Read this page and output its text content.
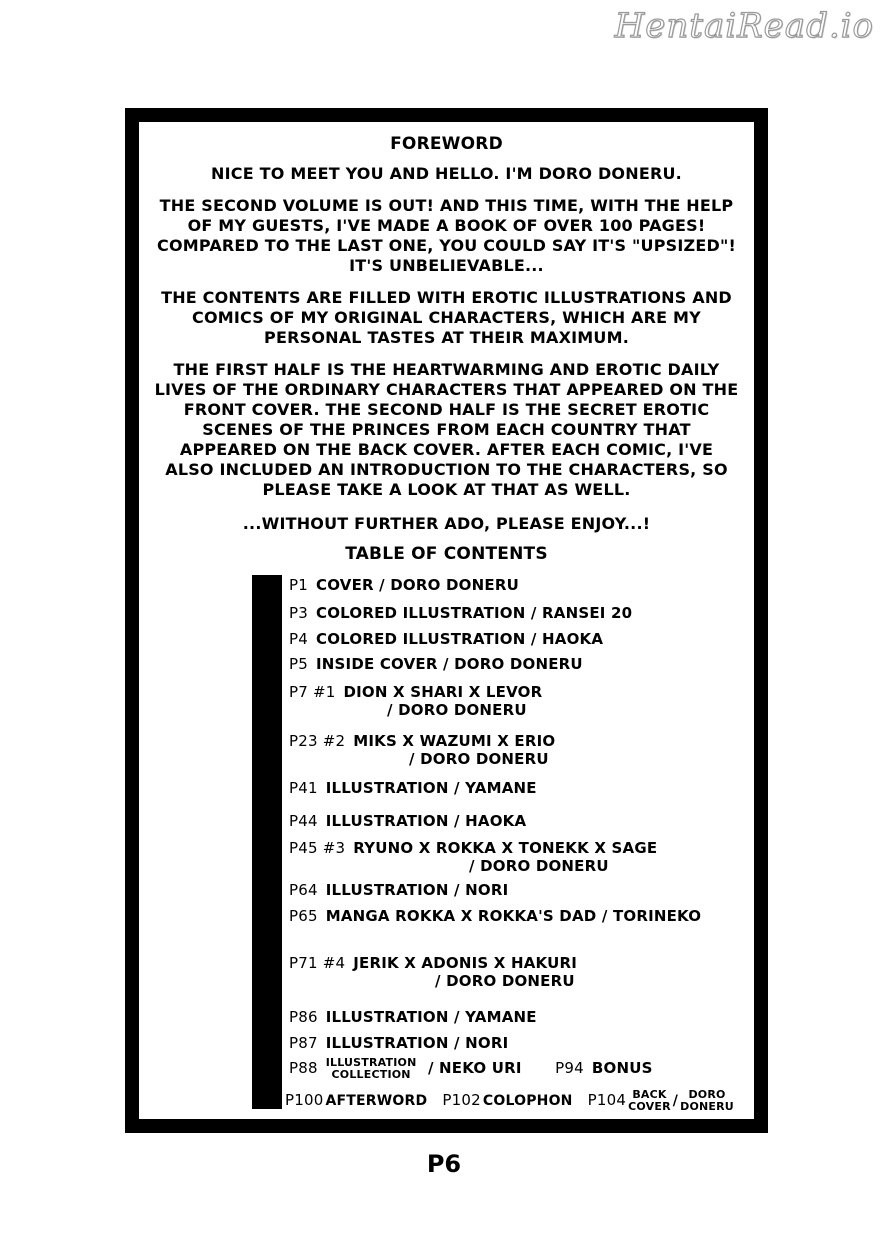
HentaiRead.io
FOREWORD
NICE TO MEET YOU AND HELLO. I'M DORO DONERU.
THE SECOND VOLUME IS OUT! AND THIS TIME, WITH THE HELP
OF MY GUESTS, I'VE MADE A BOOK OF OVER 100 PAGES!
COMPARED TO THE LAST ONE, YOU COULD SAY IT'S "UPSIZED"!
IT'S UNBELIEVABLE...
THE CONTENTS ARE FILLED WITH EROTIC ILLUSTRATIONS AND
COMICS OF MY ORIGINAL CHARACTERS, WHICH ARE MY
PERSONAL TASTES AT THEIR MAXIMUM.
THE FIRST HALF IS THE HEARTWARMING AND EROTIC DAILY
LIVES OF THE ORDINARY CHARACTERS THAT APPEARED ON THE
FRONT COVER. THE SECOND HALF IS THE SECRET EROTIC
SCENES OF THE PRINCES FROM EACH COUNTRY THAT
APPEARED ON THE BACK COVER. AFTER EACH COMIC, I'VE
ALSO INCLUDED AN INTRODUCTION TO THE CHARACTERS, SO
PLEASE TAKE A LOOK AT THAT AS WELL.
...WITHOUT FURTHER ADO, PLEASE ENJOY...!
TABLE OF CONTENTS
P1 COVER / DORO DONERU
P3 COLORED ILLUSTRATION / RANSEI 20
P4 COLORED ILLUSTRATION / HAOKA
P5 INSIDE COVER / DORO DONERU
P7 #1 DION X SHARI X LEVOR
/ DORO DONERU
P23 #2 MIKS X WAZUMI X ERIO
/ DORO DONERU
P41 ILLUSTRATION / YAMANE
P44 ILLUSTRATION / HAOKA
P45 #3 RYUNO X ROKKA X TONEKK X SAGE
/ DORO DONERU
P64 ILLUSTRATION / NORI
P65 MANGA ROKKA X ROKKA'S DAD / TORINEKO
P71 #4 JERIK X ADONIS X HAKURI
/ DORO DONERU
P86 ILLUSTRATION / YAMANE
P87 ILLUSTRATION / NORI
P88 ILLUSTRATION
COLLECTION / NEKO URI P94 BONUS
P100 AFTERWORD P102 COLOPHON P104 BACK
COVER / DORO
DONERU
P6
